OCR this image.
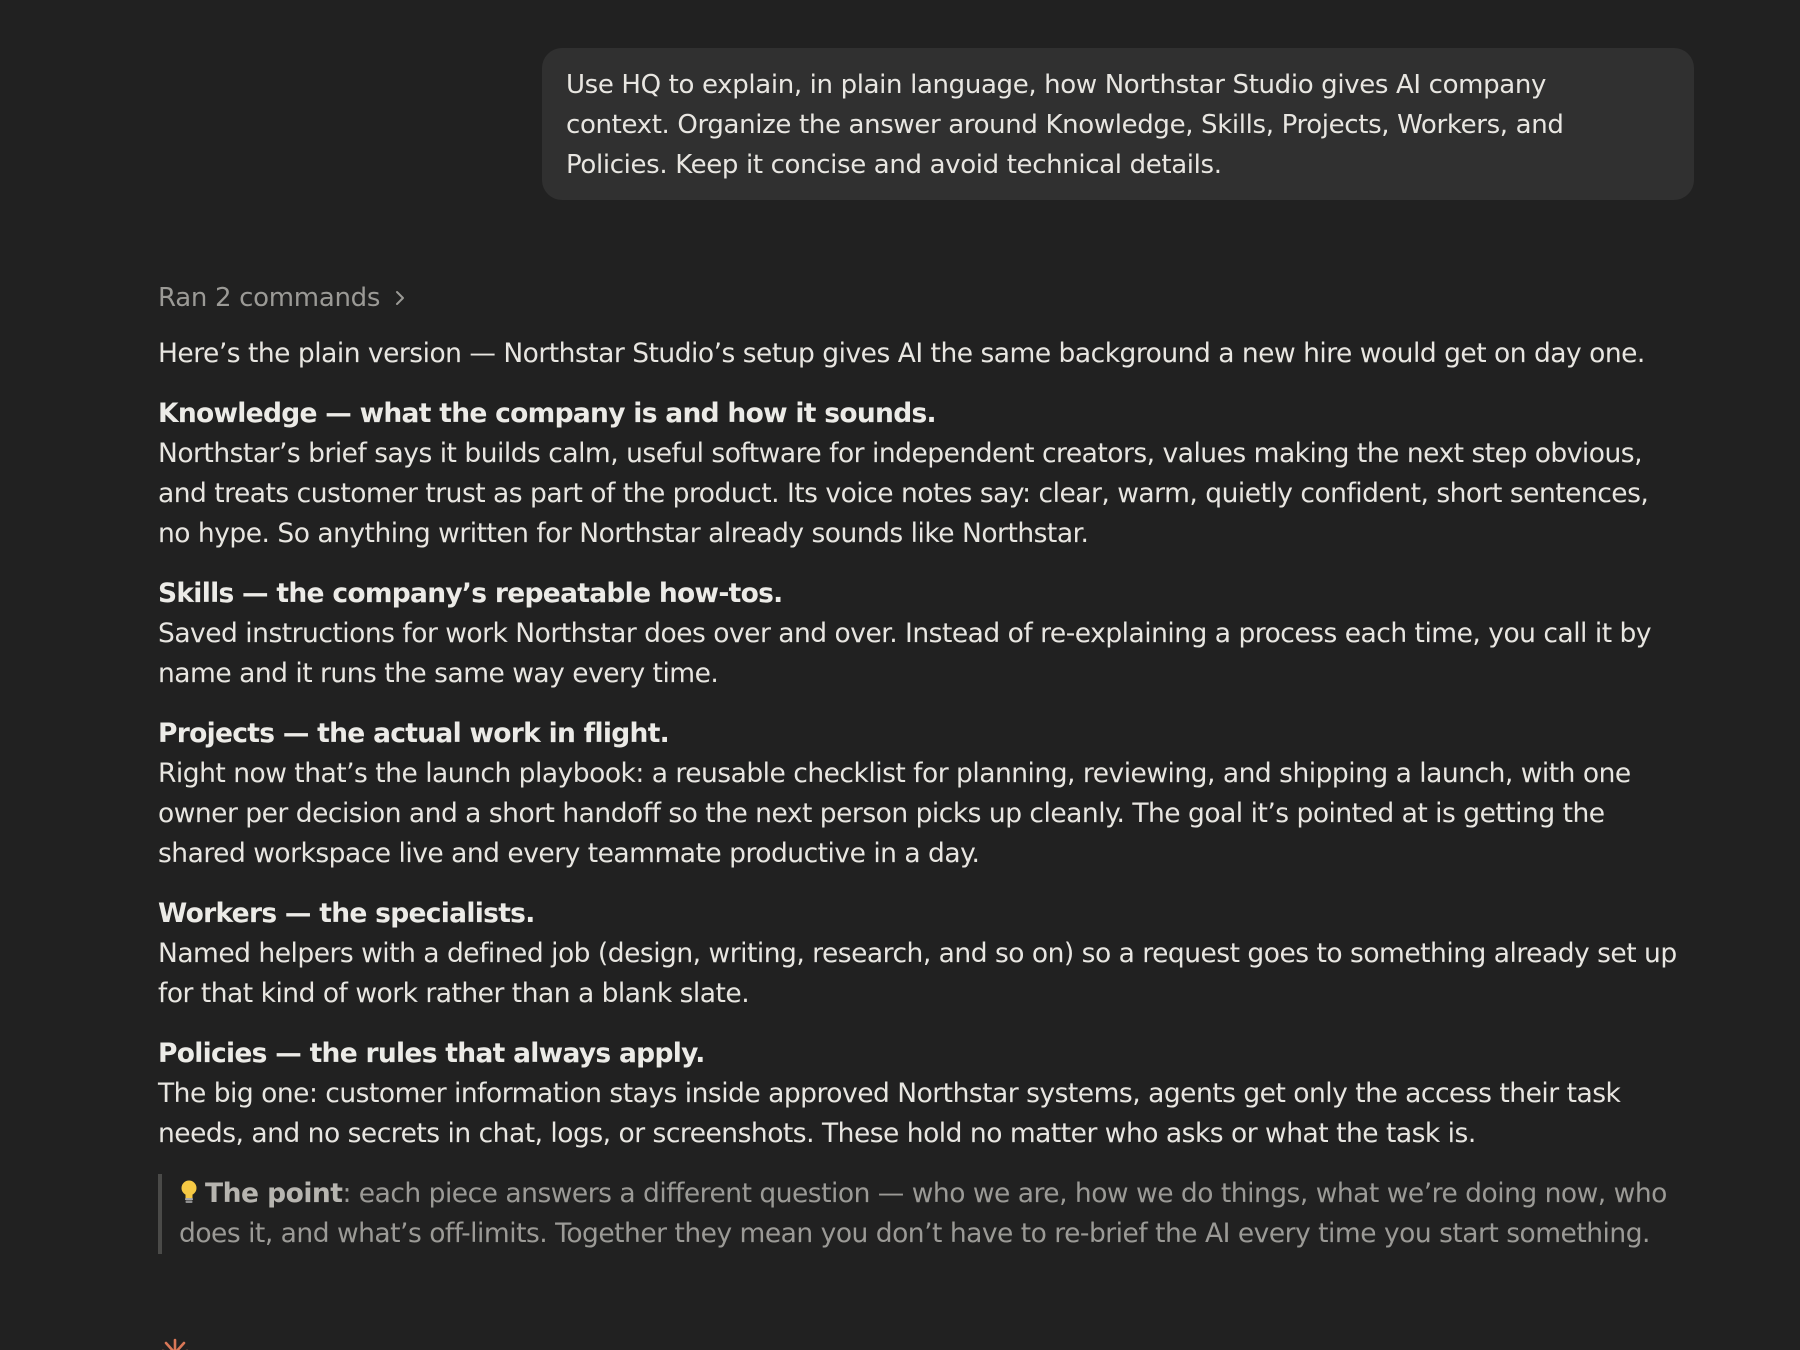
Use HQ to explain, in plain language, how Northstar Studio gives AI company
context. Organize the answer around Knowledge, Skills, Projects, Workers, and
Policies. Keep it concise and avoid technical details.
Ran 2 commands
Here’s the plain version — Northstar Studio’s setup gives AI the same background a new hire would get on day one.
Knowledge — what the company is and how it sounds.
Northstar’s brief says it builds calm, useful software for independent creators, values making the next step obvious,
and treats customer trust as part of the product. Its voice notes say: clear, warm, quietly confident, short sentences,
no hype. So anything written for Northstar already sounds like Northstar.
Skills — the company’s repeatable how-tos.
Saved instructions for work Northstar does over and over. Instead of re-explaining a process each time, you call it by
name and it runs the same way every time.
Projects — the actual work in flight.
Right now that’s the launch playbook: a reusable checklist for planning, reviewing, and shipping a launch, with one
owner per decision and a short handoff so the next person picks up cleanly. The goal it’s pointed at is getting the
shared workspace live and every teammate productive in a day.
Workers — the specialists.
Named helpers with a defined job (design, writing, research, and so on) so a request goes to something already set up
for that kind of work rather than a blank slate.
Policies — the rules that always apply.
The big one: customer information stays inside approved Northstar systems, agents get only the access their task
needs, and no secrets in chat, logs, or screenshots. These hold no matter who asks or what the task is.
The point: each piece answers a different question — who we are, how we do things, what we’re doing now, who
does it, and what’s off-limits. Together they mean you don’t have to re-brief the AI every time you start something.
